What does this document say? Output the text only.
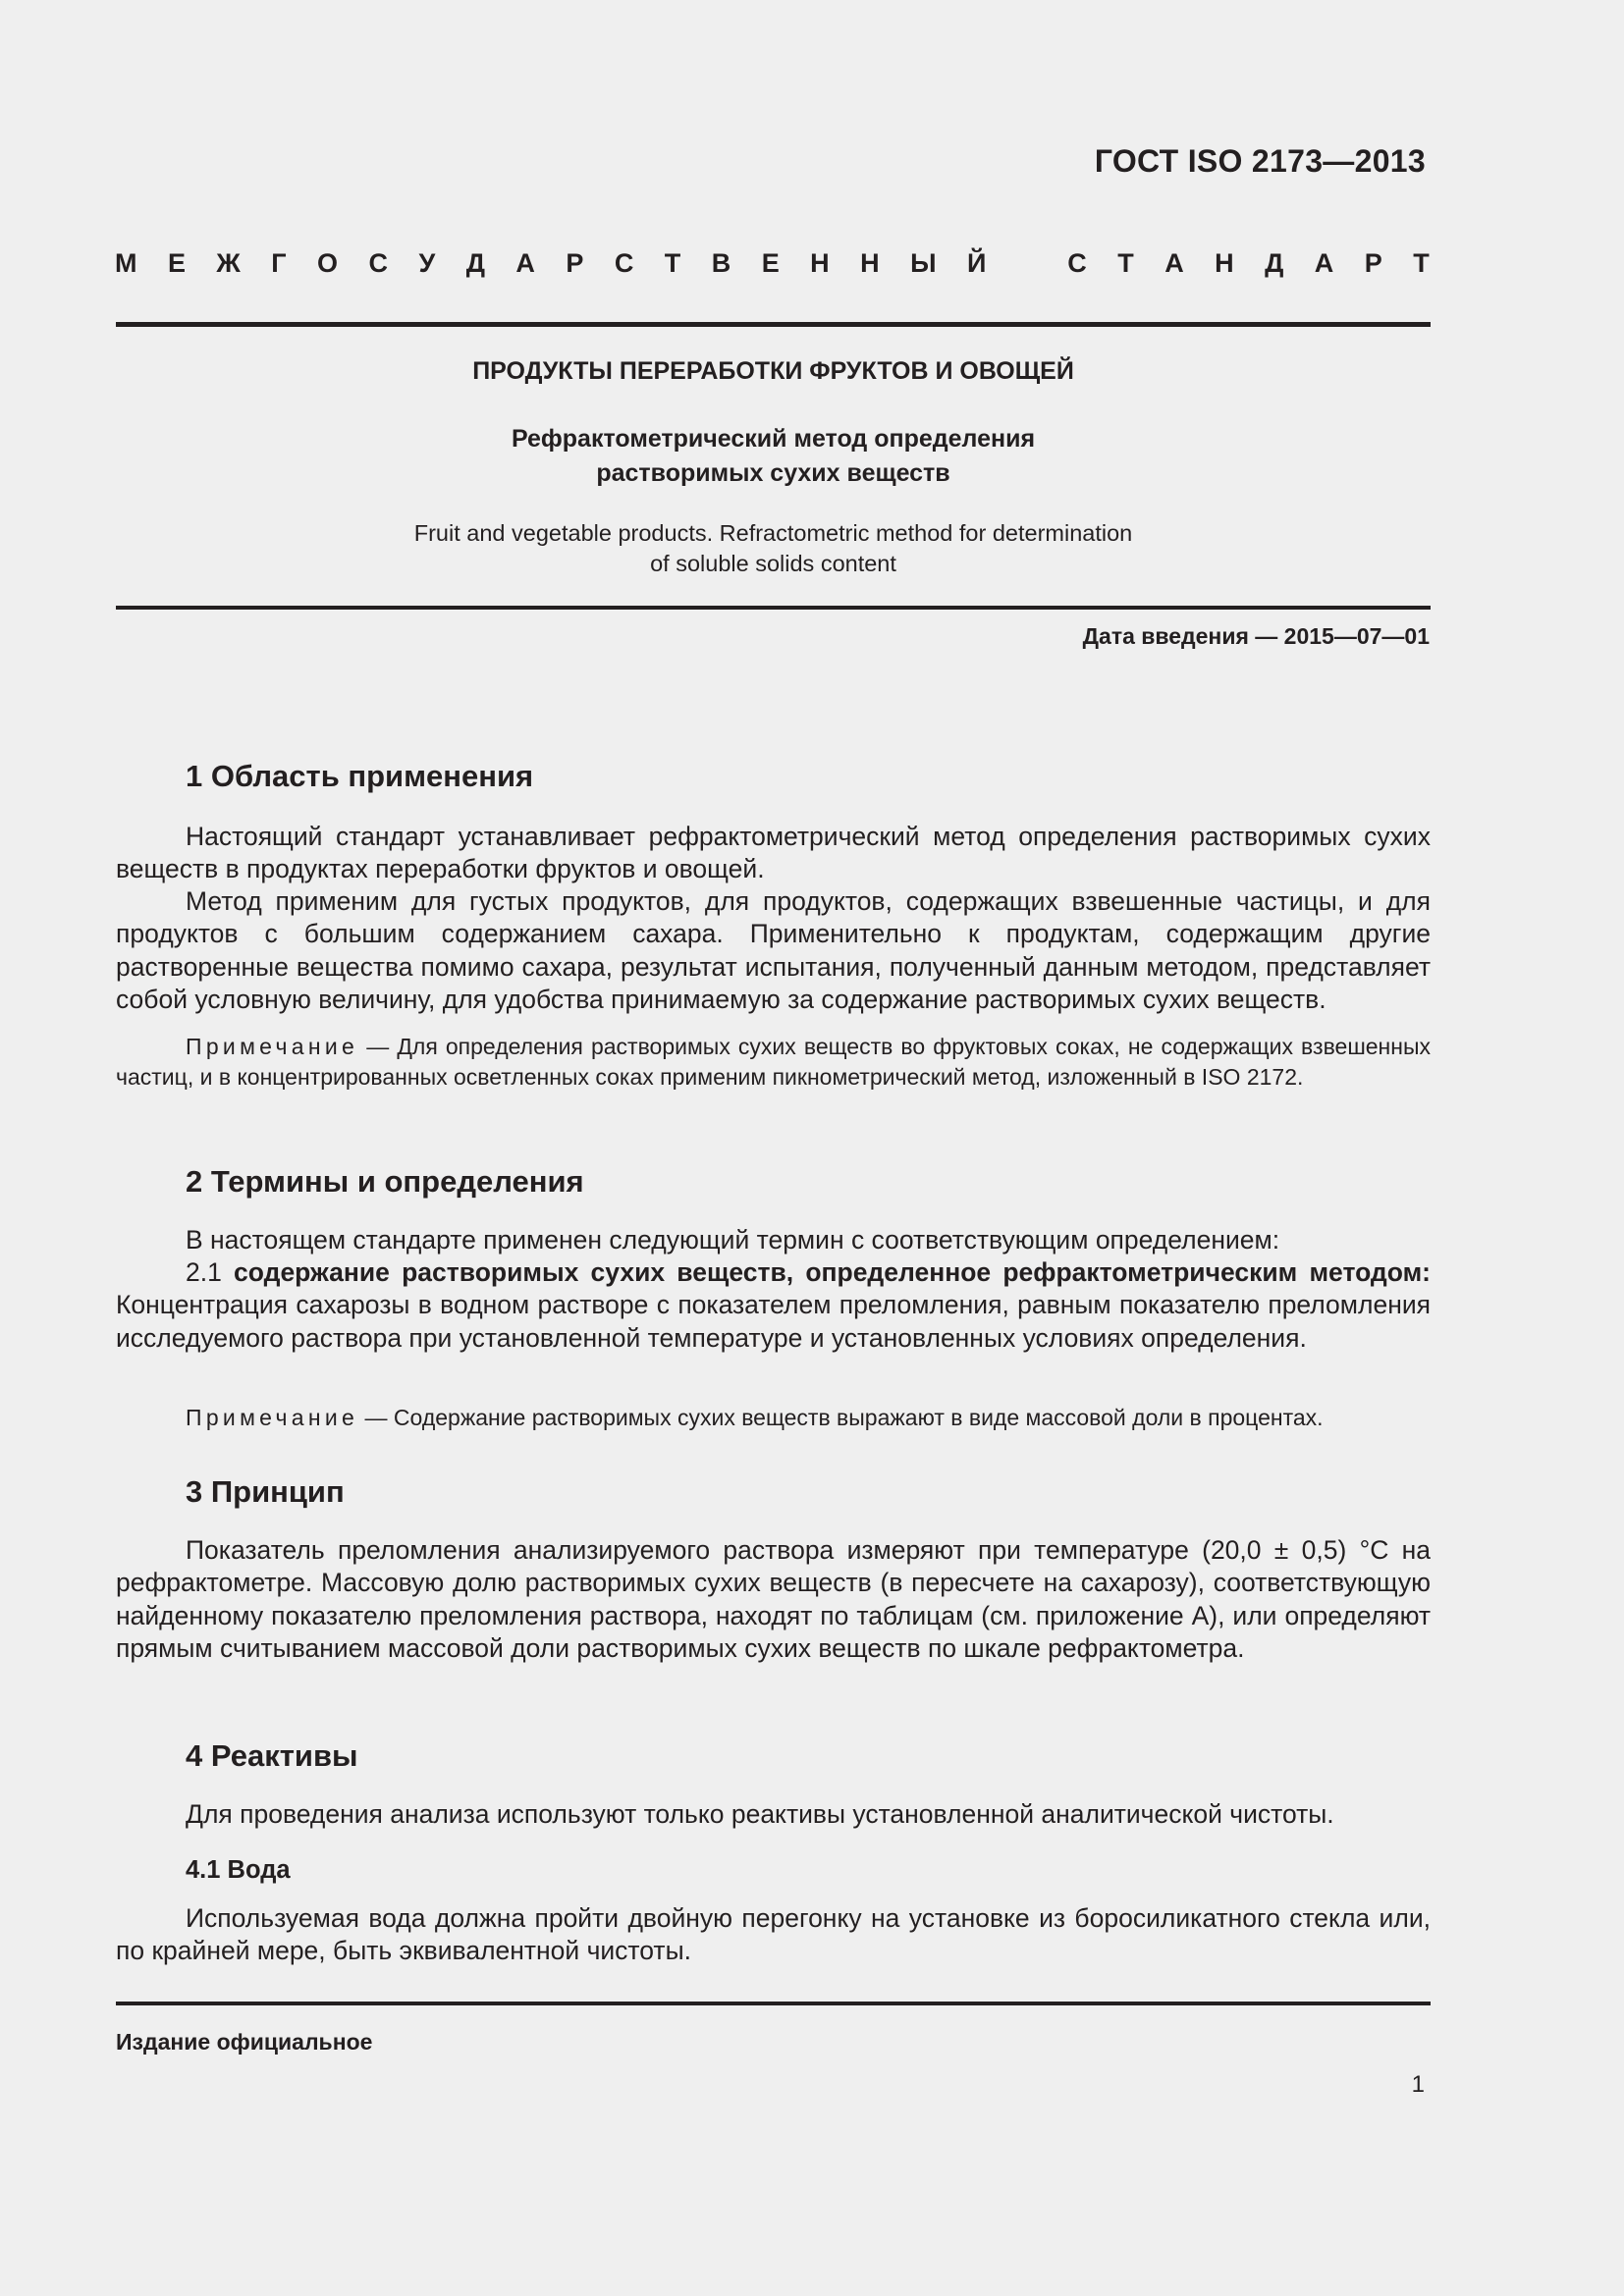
ГОСТ ISO 2173—2013
М Е Ж Г О С У Д А Р С Т В Е Н Н Ы Й	С Т А Н Д А Р Т
ПРОДУКТЫ ПЕРЕРАБОТКИ ФРУКТОВ И ОВОЩЕЙ
Рефрактометрический метод определения
растворимых сухих веществ
Fruit and vegetable products. Refractometric method for determination
of soluble solids content
Дата введения — 2015—07—01
1 Область применения
Настоящий стандарт устанавливает рефрактометрический метод определения растворимых сухих веществ в продуктах переработки фруктов и овощей.
Метод применим для густых продуктов, для продуктов, содержащих взвешенные частицы, и для продуктов с большим содержанием сахара. Применительно к продуктам, содержащим другие растворенные вещества помимо сахара, результат испытания, полученный данным методом, представляет собой условную величину, для удобства принимаемую за содержание растворимых сухих веществ.
Примечание — Для определения растворимых сухих веществ во фруктовых соках, не содержащих взвешенных частиц, и в концентрированных осветленных соках применим пикнометрический метод, изложенный в ISO 2172.
2 Термины и определения
В настоящем стандарте применен следующий термин с соответствующим определением:
2.1 содержание растворимых сухих веществ, определенное рефрактометрическим методом: Концентрация сахарозы в водном растворе с показателем преломления, равным показателю преломления исследуемого раствора при установленной температуре и установленных условиях определения.
Примечание — Содержание растворимых сухих веществ выражают в виде массовой доли в процентах.
3 Принцип
Показатель преломления анализируемого раствора измеряют при температуре (20,0 ± 0,5) °С на рефрактометре. Массовую долю растворимых сухих веществ (в пересчете на сахарозу), соответствующую найденному показателю преломления раствора, находят по таблицам (см. приложение А), или определяют прямым считыванием массовой доли растворимых сухих веществ по шкале рефрактометра.
4 Реактивы
Для проведения анализа используют только реактивы установленной аналитической чистоты.
4.1 Вода
Используемая вода должна пройти двойную перегонку на установке из боросиликатного стекла или, по крайней мере, быть эквивалентной чистоты.
Издание официальное
1
